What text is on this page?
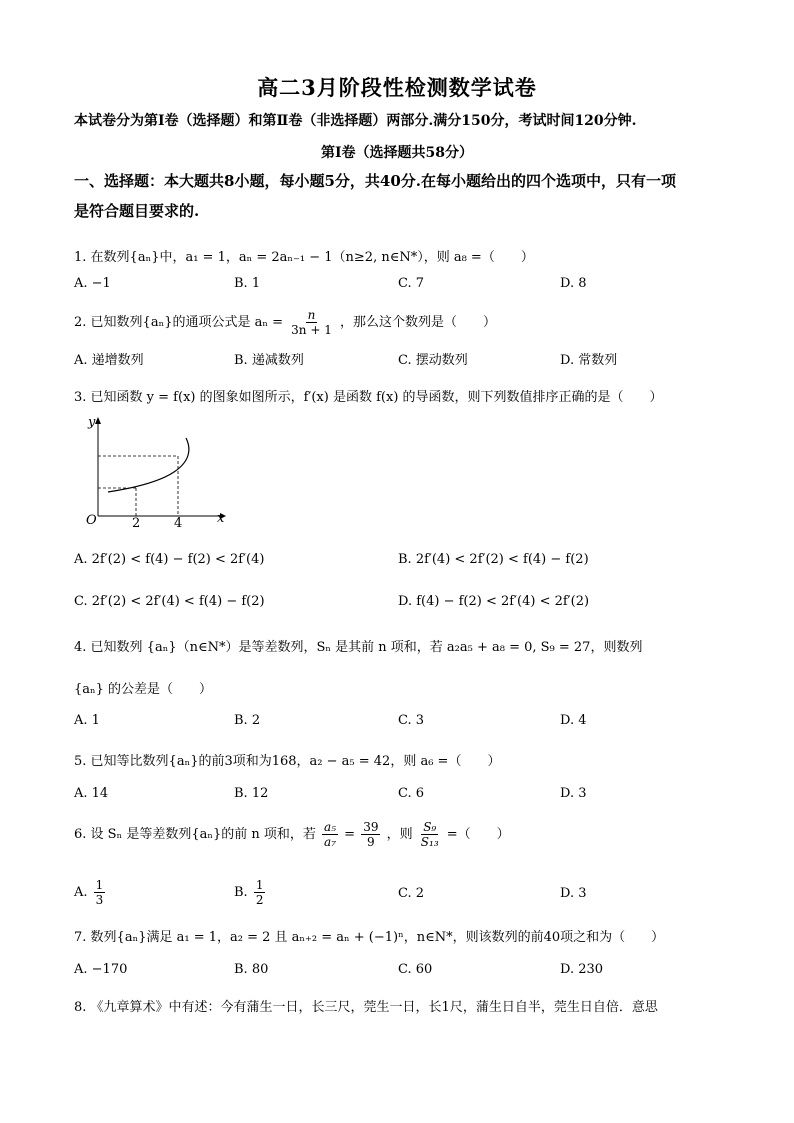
高二3月阶段性检测数学试卷
本试卷分为第Ⅰ卷（选择题）和第Ⅱ卷（非选择题）两部分.满分150分，考试时间120分钟.
第Ⅰ卷（选择题共58分）
一、选择题：本大题共8小题，每小题5分，共40分.在每小题给出的四个选项中，只有一项
是符合题目要求的.
1. 在数列{aₙ}中，a₁ = 1，aₙ = 2aₙ₋₁ − 1（n≥2, n∈N*），则 a₈ =（　　）
A. −1	B. 1	C. 7	D. 8
2. 已知数列{aₙ}的通项公式是 $a_n = \frac{n}{3n + 1}$ ，那么这个数列是（　　）
A. 递增数列	B. 递减数列	C. 摆动数列	D. 常数列
3. 已知函数 y = f(x) 的图象如图所示，f′(x) 是函数 f(x) 的导函数，则下列数值排序正确的是（　　）
y
x
O	2	4
A. 2f′(2) < f(4) − f(2) < 2f′(4)	B. 2f′(4) < 2f′(2) < f(4) − f(2)
C. 2f′(2) < 2f′(4) < f(4) − f(2)	D. f(4) − f(2) < 2f′(4) < 2f′(2)
4. 已知数列 {aₙ}（n∈N*）是等差数列，Sₙ 是其前 n 项和，若 a₂a₅ + a₈ = 0, S₉ = 27，则数列
{aₙ} 的公差是（　　）
A. 1	B. 2	C. 3	D. 4
5. 已知等比数列{aₙ}的前3项和为168，a₂ − a₅ = 42，则 a₆ =（　　）
A. 14	B. 12	C. 6	D. 3
6. 设 Sₙ 是等差数列{aₙ}的前 n 项和，若 $\frac{\text{a₅}}{\text{a₇}} = \frac{39}{9}$ ，则 $\frac{\text{S₉}}{\text{S₁₃}}$ =（　　）
A. $\frac{1}{3}$	B. $\frac{1}{2}$	C. 2	D. 3
7. 数列{aₙ}满足 a₁ = 1，a₂ = 2 且 aₙ₊₂ = aₙ + (−1)ⁿ，n∈N*，则该数列的前40项之和为（　　）
A. −170	B. 80	C. 60	D. 230
8. 《九章算术》中有述：今有蒲生一日，长三尺，莞生一日，长1尺，蒲生日自半，莞生日自倍．意思
